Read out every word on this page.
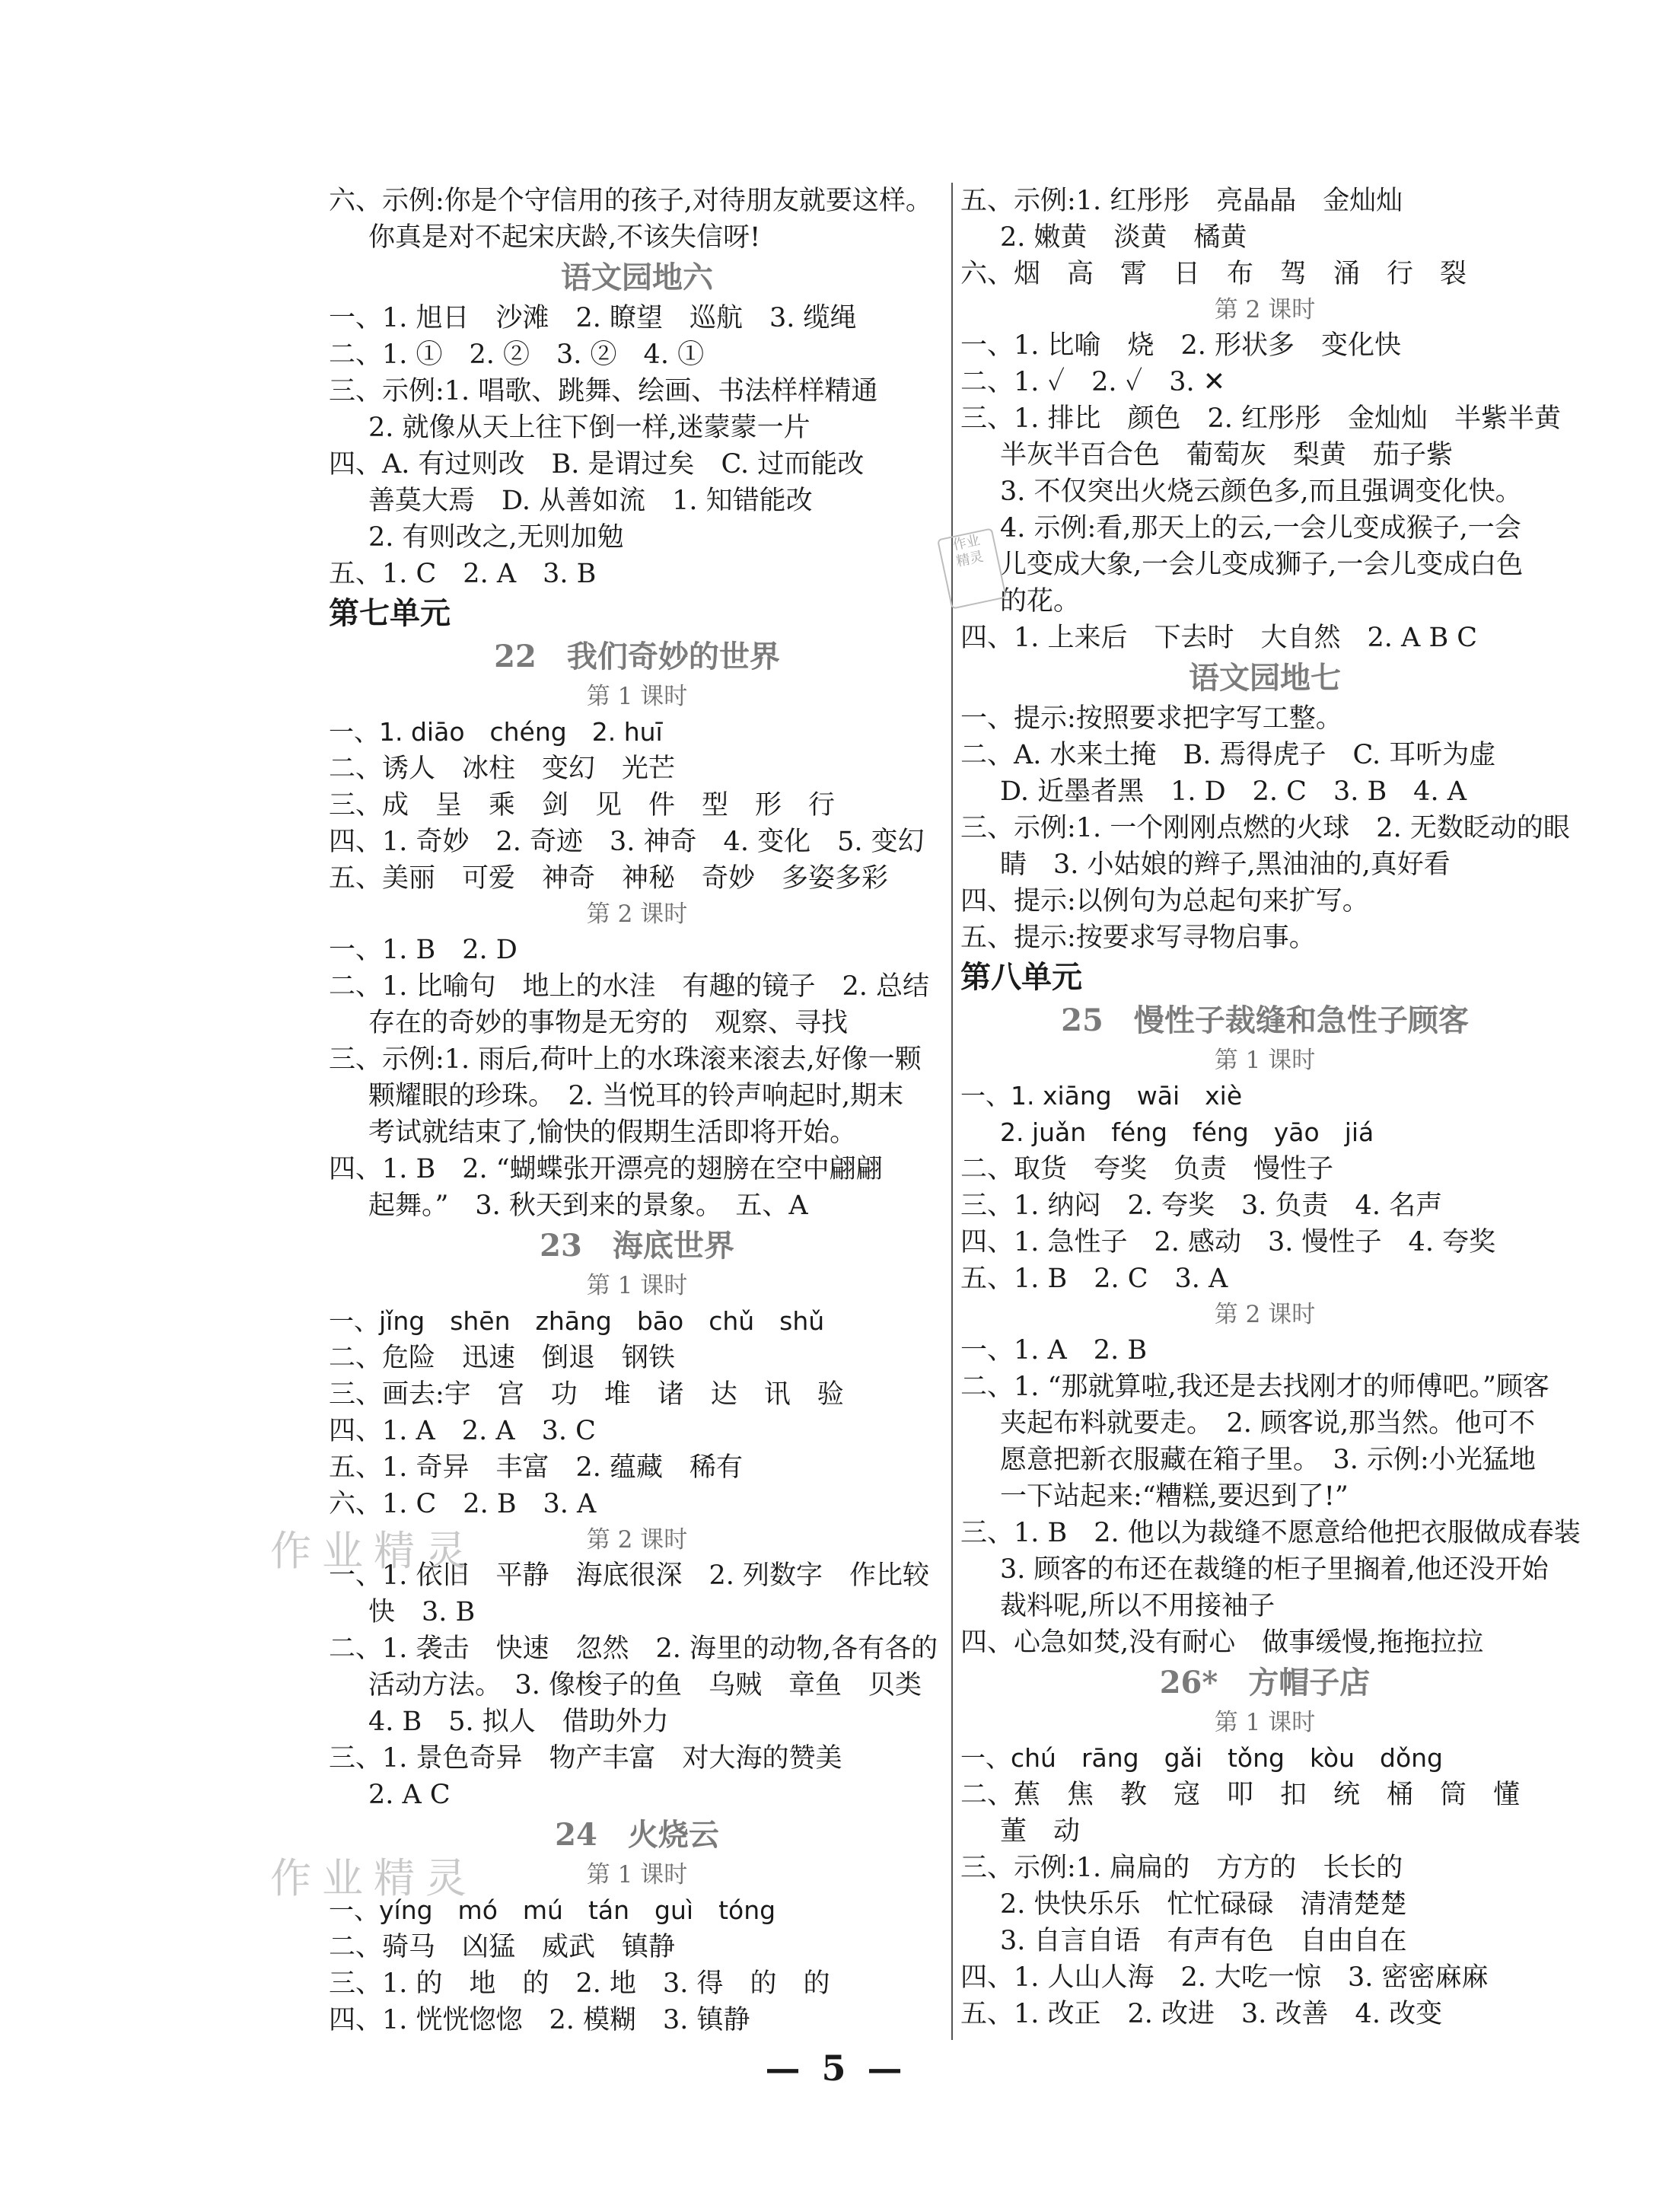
六、示例:你是个守信用的孩子,对待朋友就要这样。
你真是对不起宋庆龄,不该失信呀!
语文园地六
一、1. 旭日　沙滩　2. 瞭望　巡航　3. 缆绳
二、1. ①　2. ②　3. ②　4. ①
三、示例:1. 唱歌、跳舞、绘画、书法样样精通
2. 就像从天上往下倒一样,迷蒙蒙一片
四、A. 有过则改　B. 是谓过矣　C. 过而能改
善莫大焉　D. 从善如流　1. 知错能改
2. 有则改之,无则加勉
五、1. C　2. A　3. B
第七单元
22　我们奇妙的世界
第 1 课时
一、1. diāo　chéng　2. huī
二、诱人　冰柱　变幻　光芒
三、成　呈　乘　剑　见　件　型　形　行
四、1. 奇妙　2. 奇迹　3. 神奇　4. 变化　5. 变幻
五、美丽　可爱　神奇　神秘　奇妙　多姿多彩
第 2 课时
一、1. B　2. D
二、1. 比喻句　地上的水洼　有趣的镜子　2. 总结
存在的奇妙的事物是无穷的　观察、寻找
三、示例:1. 雨后,荷叶上的水珠滚来滚去,好像一颗
颗耀眼的珍珠。　2. 当悦耳的铃声响起时,期末
考试就结束了,愉快的假期生活即将开始。
四、1. B　2. “蝴蝶张开漂亮的翅膀在空中翩翩
起舞。”　3. 秋天到来的景象。　五、A
23　海底世界
第 1 课时
一、jǐng　shēn　zhāng　bāo　chǔ　shǔ
二、危险　迅速　倒退　钢铁
三、画去:宇　宫　功　堆　诸　达　讯　验
四、1. A　2. A　3. C
五、1. 奇异　丰富　2. 蕴藏　稀有
六、1. C　2. B　3. A
第 2 课时
一、1. 依旧　平静　海底很深　2. 列数字　作比较
快　3. B
二、1. 袭击　快速　忽然　2. 海里的动物,各有各的
活动方法。　3. 像梭子的鱼　乌贼　章鱼　贝类
4. B　5. 拟人　借助外力
三、1. 景色奇异　物产丰富　对大海的赞美
2. A C
24　火烧云
第 1 课时
一、yíng　mó　mú　tán　guì　tóng
二、骑马　凶猛　威武　镇静
三、1. 的　地　的　2. 地　3. 得　的　的
四、1. 恍恍惚惚　2. 模糊　3. 镇静
五、示例:1. 红彤彤　亮晶晶　金灿灿
2. 嫩黄　淡黄　橘黄
六、烟　高　霄　日　布　驾　涌　行　裂
第 2 课时
一、1. 比喻　烧　2. 形状多　变化快
二、1. ✓　2. ✓　3. ✕
三、1. 排比　颜色　2. 红彤彤　金灿灿　半紫半黄
半灰半百合色　葡萄灰　梨黄　茄子紫
3. 不仅突出火烧云颜色多,而且强调变化快。
4. 示例:看,那天上的云,一会儿变成猴子,一会
儿变成大象,一会儿变成狮子,一会儿变成白色
的花。
四、1. 上来后　下去时　大自然　2. A B C
语文园地七
一、提示:按照要求把字写工整。
二、A. 水来土掩　B. 焉得虎子　C. 耳听为虚
D. 近墨者黑　1. D　2. C　3. B　4. A
三、示例:1. 一个刚刚点燃的火球　2. 无数眨动的眼
睛　3. 小姑娘的辫子,黑油油的,真好看
四、提示:以例句为总起句来扩写。
五、提示:按要求写寻物启事。
第八单元
25　慢性子裁缝和急性子顾客
第 1 课时
一、1. xiāng　wāi　xiè
2. juǎn　féng　féng　yāo　jiá
二、取货　夸奖　负责　慢性子
三、1. 纳闷　2. 夸奖　3. 负责　4. 名声
四、1. 急性子　2. 感动　3. 慢性子　4. 夸奖
五、1. B　2. C　3. A
第 2 课时
一、1. A　2. B
二、1. “那就算啦,我还是去找刚才的师傅吧。”顾客
夹起布料就要走。　2. 顾客说,那当然。他可不
愿意把新衣服藏在箱子里。　3. 示例:小光猛地
一下站起来:“糟糕,要迟到了!”
三、1. B　2. 他以为裁缝不愿意给他把衣服做成春装
3. 顾客的布还在裁缝的柜子里搁着,他还没开始
裁料呢,所以不用接袖子
四、心急如焚,没有耐心　做事缓慢,拖拖拉拉
26*　方帽子店
第 1 课时
一、chú　rāng　gǎi　tǒng　kòu　dǒng
二、蕉　焦　教　寇　叩　扣　统　桶　筒　懂
董　动
三、示例:1. 扁扁的　方方的　长长的
2. 快快乐乐　忙忙碌碌　清清楚楚
3. 自言自语　有声有色　自由自在
四、1. 人山人海　2. 大吃一惊　3. 密密麻麻
五、1. 改正　2. 改进　3. 改善　4. 改变
作业精灵
作业精灵
作业
精灵
— 5 —
